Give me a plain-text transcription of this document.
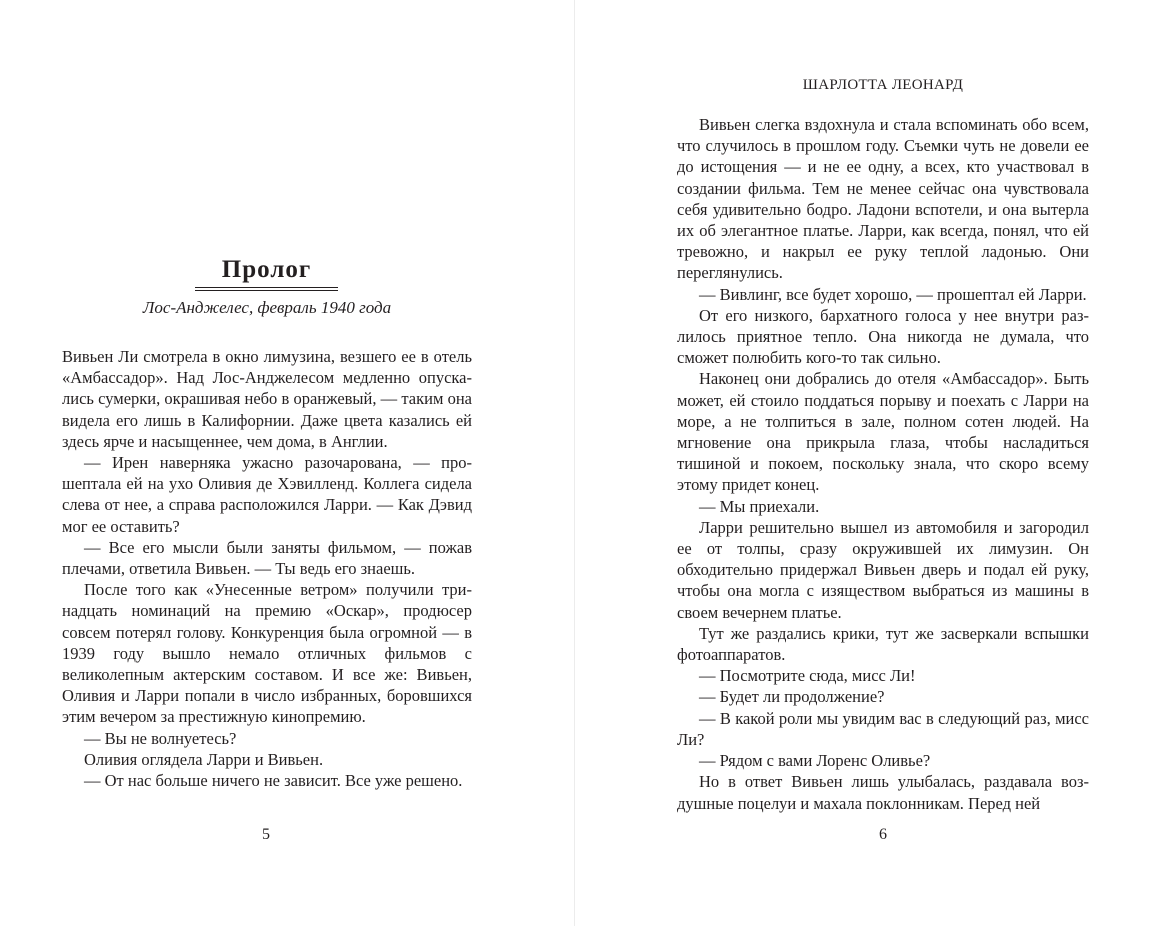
Пролог
Лос-Анджелес, февраль 1940 года

Вивьен Ли смотрела в окно лимузина, везшего ее в отель «Амбассадор». Над Лос-Анджелесом медленно опускались сумерки, окрашивая небо в оранжевый, — таким она видела его лишь в Калифорнии. Даже цвета казались ей здесь ярче и насыщеннее, чем дома, в Англии.

— Ирен наверняка ужасно разочарована, — прошептала ей на ухо Оливия де Хэвилленд. Коллега сидела слева от нее, а справа расположился Ларри. — Как Дэвид мог ее оставить?

— Все его мысли были заняты фильмом, — пожав плечами, ответила Вивьен. — Ты ведь его знаешь.

После того как «Унесенные ветром» получили тринадцать номинаций на премию «Оскар», продюсер совсем потерял голову. Конкуренция была огромной — в 1939 году вышло немало отличных фильмов с великолепным актерским составом. И все же: Вивьен, Оливия и Ларри попали в число избранных, боровшихся этим вечером за престижную кинопремию.

— Вы не волнуетесь?

Оливия оглядела Ларри и Вивьен.

— От нас больше ничего не зависит. Все уже решено.

5
ШАРЛОТТА ЛЕОНАРД

Вивьен слегка вздохнула и стала вспоминать обо всем, что случилось в прошлом году. Съемки чуть не довели ее до истощения — и не ее одну, а всех, кто участвовал в создании фильма. Тем не менее сейчас она чувствовала себя удивительно бодро. Ладони вспотели, и она вытерла их об элегантное платье. Ларри, как всегда, понял, что ей тревожно, и накрыл ее руку теплой ладонью. Они переглянулись.

— Вивлинг, все будет хорошо, — прошептал ей Ларри.

От его низкого, бархатного голоса у нее внутри разлилось приятное тепло. Она никогда не думала, что сможет полюбить кого-то так сильно.

Наконец они добрались до отеля «Амбассадор». Быть может, ей стоило поддаться порыву и поехать с Ларри на море, а не толпиться в зале, полном сотен людей. На мгновение она прикрыла глаза, чтобы насладиться тишиной и покоем, поскольку знала, что скоро всему этому придет конец.

— Мы приехали.

Ларри решительно вышел из автомобиля и загородил ее от толпы, сразу окружившей их лимузин. Он обходительно придержал Вивьен дверь и подал ей руку, чтобы она могла с изяществом выбраться из машины в своем вечернем платье.

Тут же раздались крики, тут же засверкали вспышки фотоаппаратов.

— Посмотрите сюда, мисс Ли!

— Будет ли продолжение?

— В какой роли мы увидим вас в следующий раз, мисс Ли?

— Рядом с вами Лоренс Оливье?

Но в ответ Вивьен лишь улыбалась, раздавала воздушные поцелуи и махала поклонникам. Перед ней

6
